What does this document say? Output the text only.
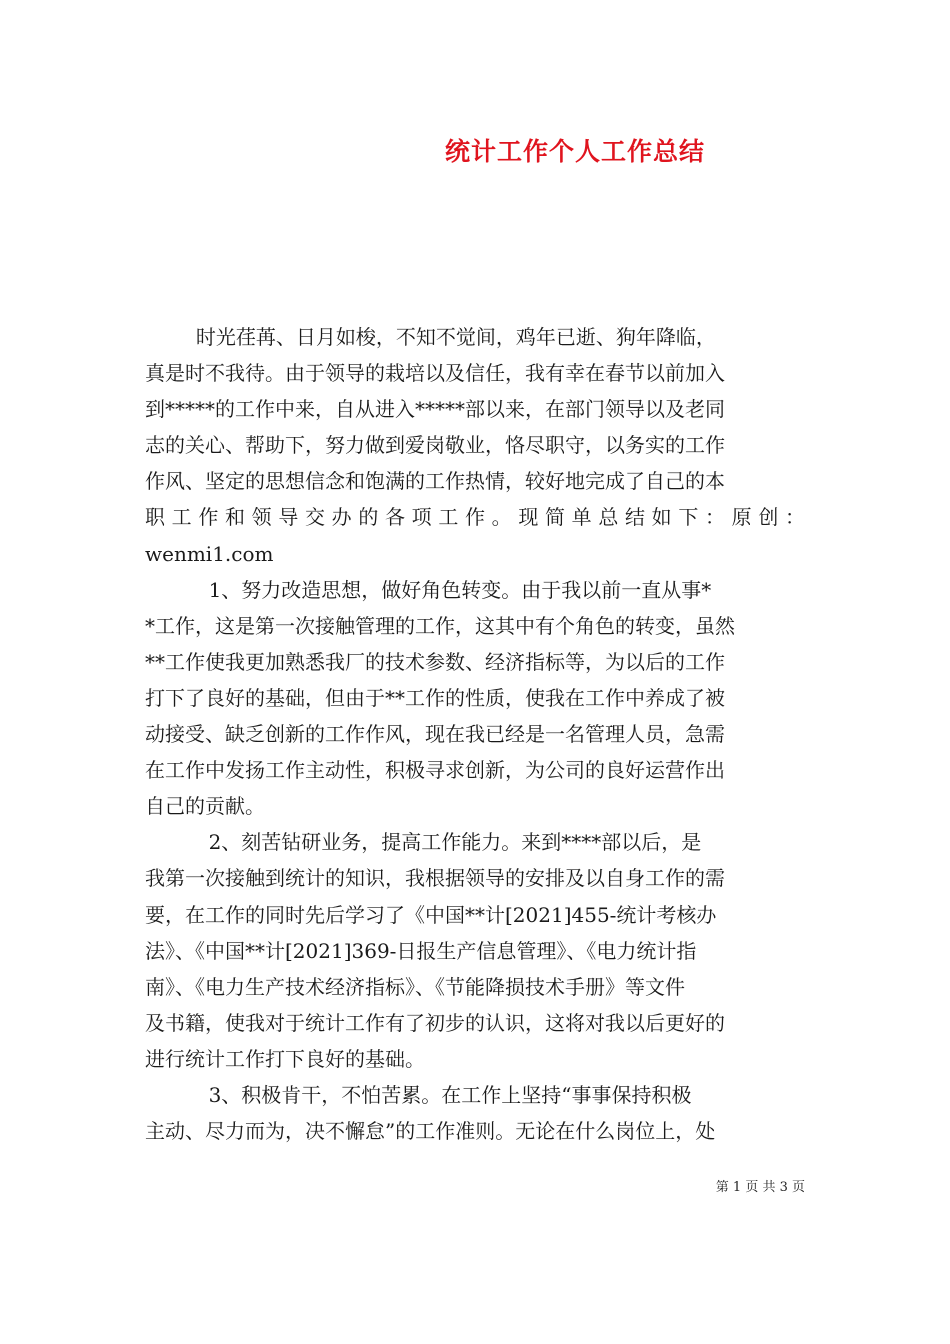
统计工作个人工作总结
时光荏苒、日月如梭，不知不觉间，鸡年已逝、狗年降临，
真是时不我待。由于领导的栽培以及信任，我有幸在春节以前加入
到*****的工作中来，自从进入*****部以来，在部门领导以及老同
志的关心、帮助下，努力做到爱岗敬业，恪尽职守，以务实的工作
作风、坚定的思想信念和饱满的工作热情，较好地完成了自己的本
职工作和领导交办的各项工作。现简单总结如下：原创：
wenmi1.com
1、努力改造思想，做好角色转变。由于我以前一直从事*
*工作，这是第一次接触管理的工作，这其中有个角色的转变，虽然
**工作使我更加熟悉我厂的技术参数、经济指标等，为以后的工作
打下了良好的基础，但由于**工作的性质，使我在工作中养成了被
动接受、缺乏创新的工作作风，现在我已经是一名管理人员，急需
在工作中发扬工作主动性，积极寻求创新，为公司的良好运营作出
自己的贡献。
2、刻苦钻研业务，提高工作能力。来到****部以后，是
我第一次接触到统计的知识，我根据领导的安排及以自身工作的需
要，在工作的同时先后学习了《中国**计[2021]455-统计考核办
法》、《中国**计[2021]369-日报生产信息管理》、《电力统计指
南》、《电力生产技术经济指标》、《节能降损技术手册》等文件
及书籍，使我对于统计工作有了初步的认识，这将对我以后更好的
进行统计工作打下良好的基础。
3、积极肯干，不怕苦累。在工作上坚持“事事保持积极
主动、尽力而为，决不懈怠”的工作准则。无论在什么岗位上，处
第 1 页 共 3 页
